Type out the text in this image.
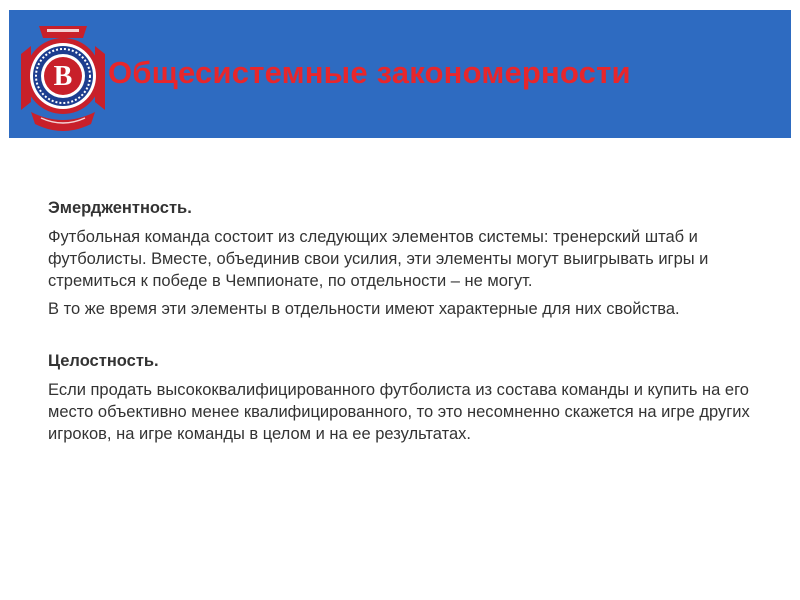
В Общесистемные закономерности

Эмерджентность.

Футбольная команда состоит из следующих элементов системы: тренерский штаб и футболисты. Вместе, объединив свои усилия, эти элементы могут выигрывать игры и стремиться к победе в Чемпионате, по отдельности – не могут.

В то же время эти элементы в отдельности имеют характерные для них свойства.

Целостность.

Если продать высококвалифицированного футболиста из состава команды и купить на его место объективно менее квалифицированного, то это несомненно скажется на игре других игроков, на игре команды в целом и на ее результатах.
